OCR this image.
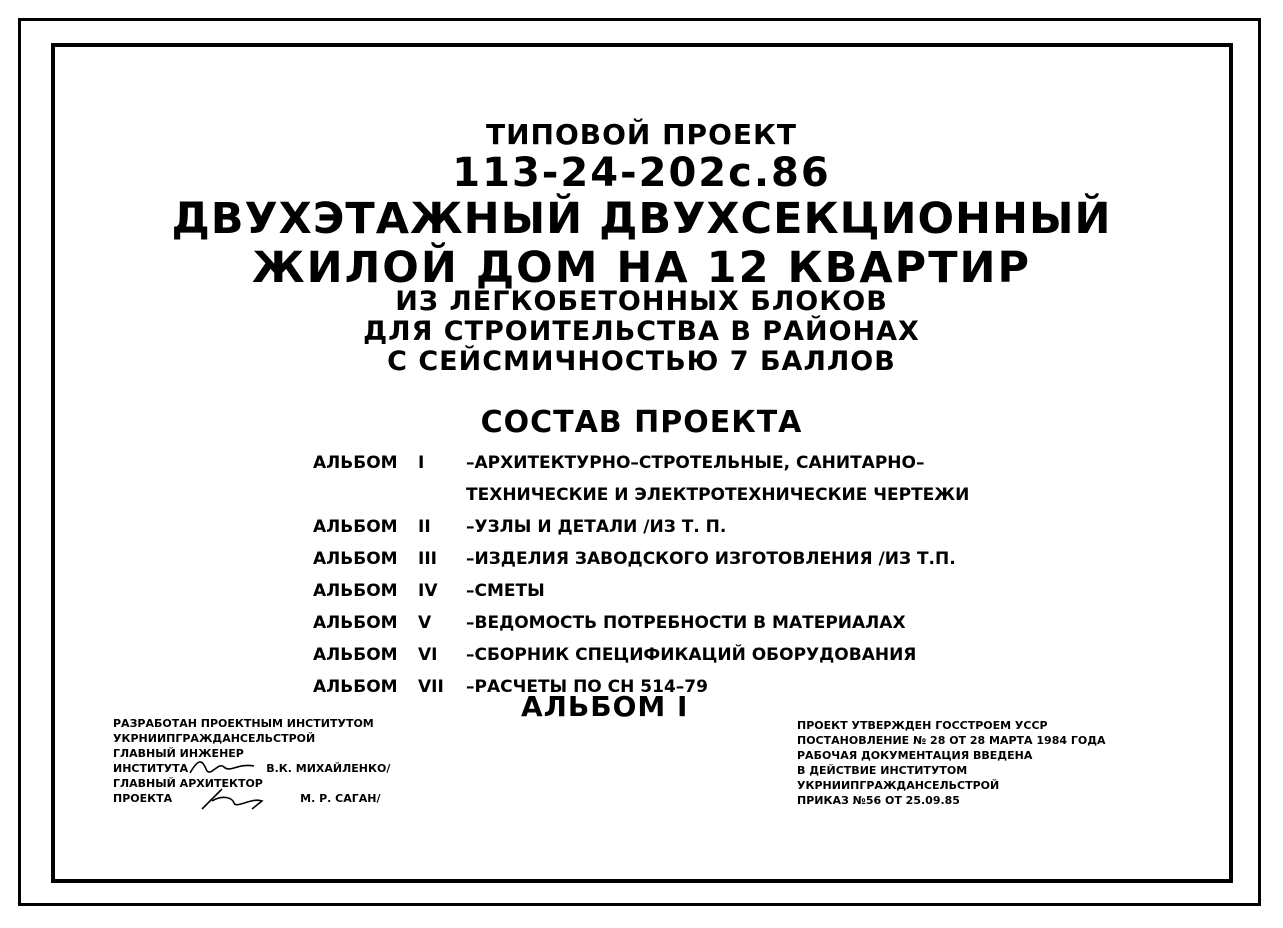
ТИПОВОЙ ПРОЕКТ
113-24-202с.86
ДВУХЭТАЖНЫЙ ДВУХСЕКЦИОННЫЙ
ЖИЛОЙ ДОМ НА 12 КВАРТИР
ИЗ ЛЕГКОБЕТОННЫХ БЛОКОВ
ДЛЯ СТРОИТЕЛЬСТВА В РАЙОНАХ
С СЕЙСМИЧНОСТЬЮ 7 БАЛЛОВ
СОСТАВ ПРОЕКТА
АЛЬБОМ	I	–АРХИТЕКТУРНО–СТРОТЕЛЬНЫЕ, САНИТАРНО–
ТЕХНИЧЕСКИЕ И ЭЛЕКТРОТЕХНИЧЕСКИЕ ЧЕРТЕЖИ
АЛЬБОМ	II	–УЗЛЫ И ДЕТАЛИ /ИЗ Т. П.
АЛЬБОМ	III	–ИЗДЕЛИЯ ЗАВОДСКОГО ИЗГОТОВЛЕНИЯ /ИЗ Т.П.
АЛЬБОМ	IV	–СМЕТЫ
АЛЬБОМ	V	–ВЕДОМОСТЬ ПОТРЕБНОСТИ В МАТЕРИАЛАХ
АЛЬБОМ	VI	–СБОРНИК СПЕЦИФИКАЦИЙ ОБОРУДОВАНИЯ
АЛЬБОМ	VII	–РАСЧЕТЫ ПО СН 514–79
АЛЬБОМ I
РАЗРАБОТАН ПРОЕКТНЫМ ИНСТИТУТОМ
УКРНИИПГРАЖДАНСЕЛЬСТРОЙ
ГЛАВНЫЙ ИНЖЕНЕР
ИНСТИТУТА	В.К. МИХАЙЛЕНКО/
ГЛАВНЫЙ АРХИТЕКТОР
ПРОЕКТА	М. Р. САГАН/
ПРОЕКТ УТВЕРЖДЕН ГОССТРОЕМ УССР
ПОСТАНОВЛЕНИЕ № 28 ОТ 28 МАРТА 1984 ГОДА
РАБОЧАЯ ДОКУМЕНТАЦИЯ ВВЕДЕНА
В ДЕЙСТВИЕ ИНСТИТУТОМ
УКРНИИПГРАЖДАНСЕЛЬСТРОЙ
ПРИКАЗ №56 ОТ 25.09.85
